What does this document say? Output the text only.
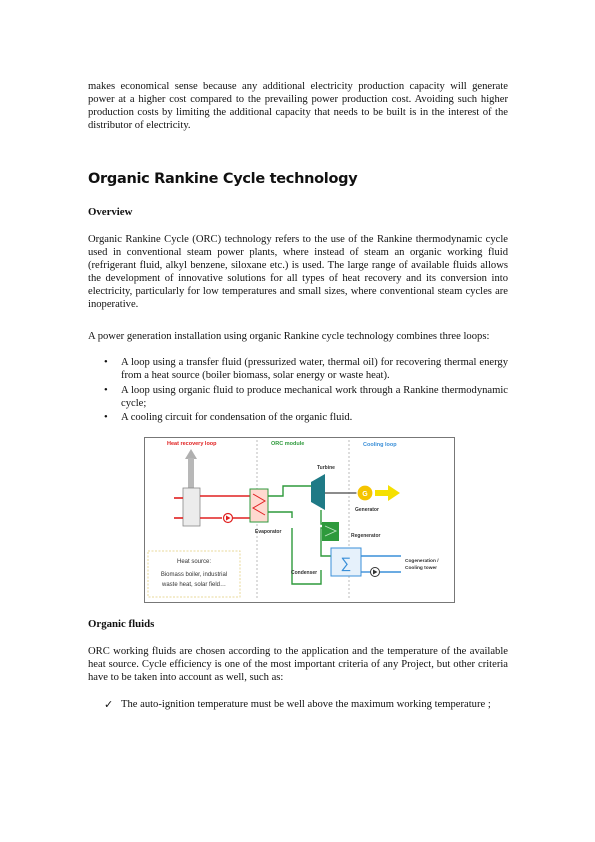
makes economical sense because any additional electricity production capacity will generate power at a higher cost compared to the prevailing power production cost. Avoiding such higher production costs by limiting the additional capacity that needs to be built is in the interest of the distributor of electricity.

Organic Rankine Cycle technology
Overview

Organic Rankine Cycle (ORC) technology refers to the use of the Rankine thermodynamic cycle used in conventional steam power plants, where instead of steam an organic working fluid (refrigerant fluid, alkyl benzene, siloxane etc.) is used. The large range of available fluids allows the development of innovative solutions for all types of heat recovery and its conversion into electricity, particularly for low temperatures and small sizes, where conventional steam cycles are inoperative.

A power generation installation using organic Rankine cycle technology combines three loops:

• A loop using a transfer fluid (pressurized water, thermal oil) for recovering thermal energy from a heat source (boiler biomass, solar energy or waste heat).
• A loop using organic fluid to produce mechanical work through a Rankine thermodynamic cycle;
• A cooling circuit for condensation of the organic fluid.
Heat recovery loop	ORC module	Cooling loop
Evaporator
Turbine
G
Generator
Regenerator
∑
Condenser
Cogeneration /
Cooling tower
Heat source:
Biomass boiler, industrial
waste heat, solar field…
Organic fluids

ORC working fluids are chosen according to the application and the temperature of the available heat source. Cycle efficiency is one of the most important criteria of any Project, but other criteria have to be taken into account as well, such as:

✓ The auto-ignition temperature must be well above the maximum working temperature ;
